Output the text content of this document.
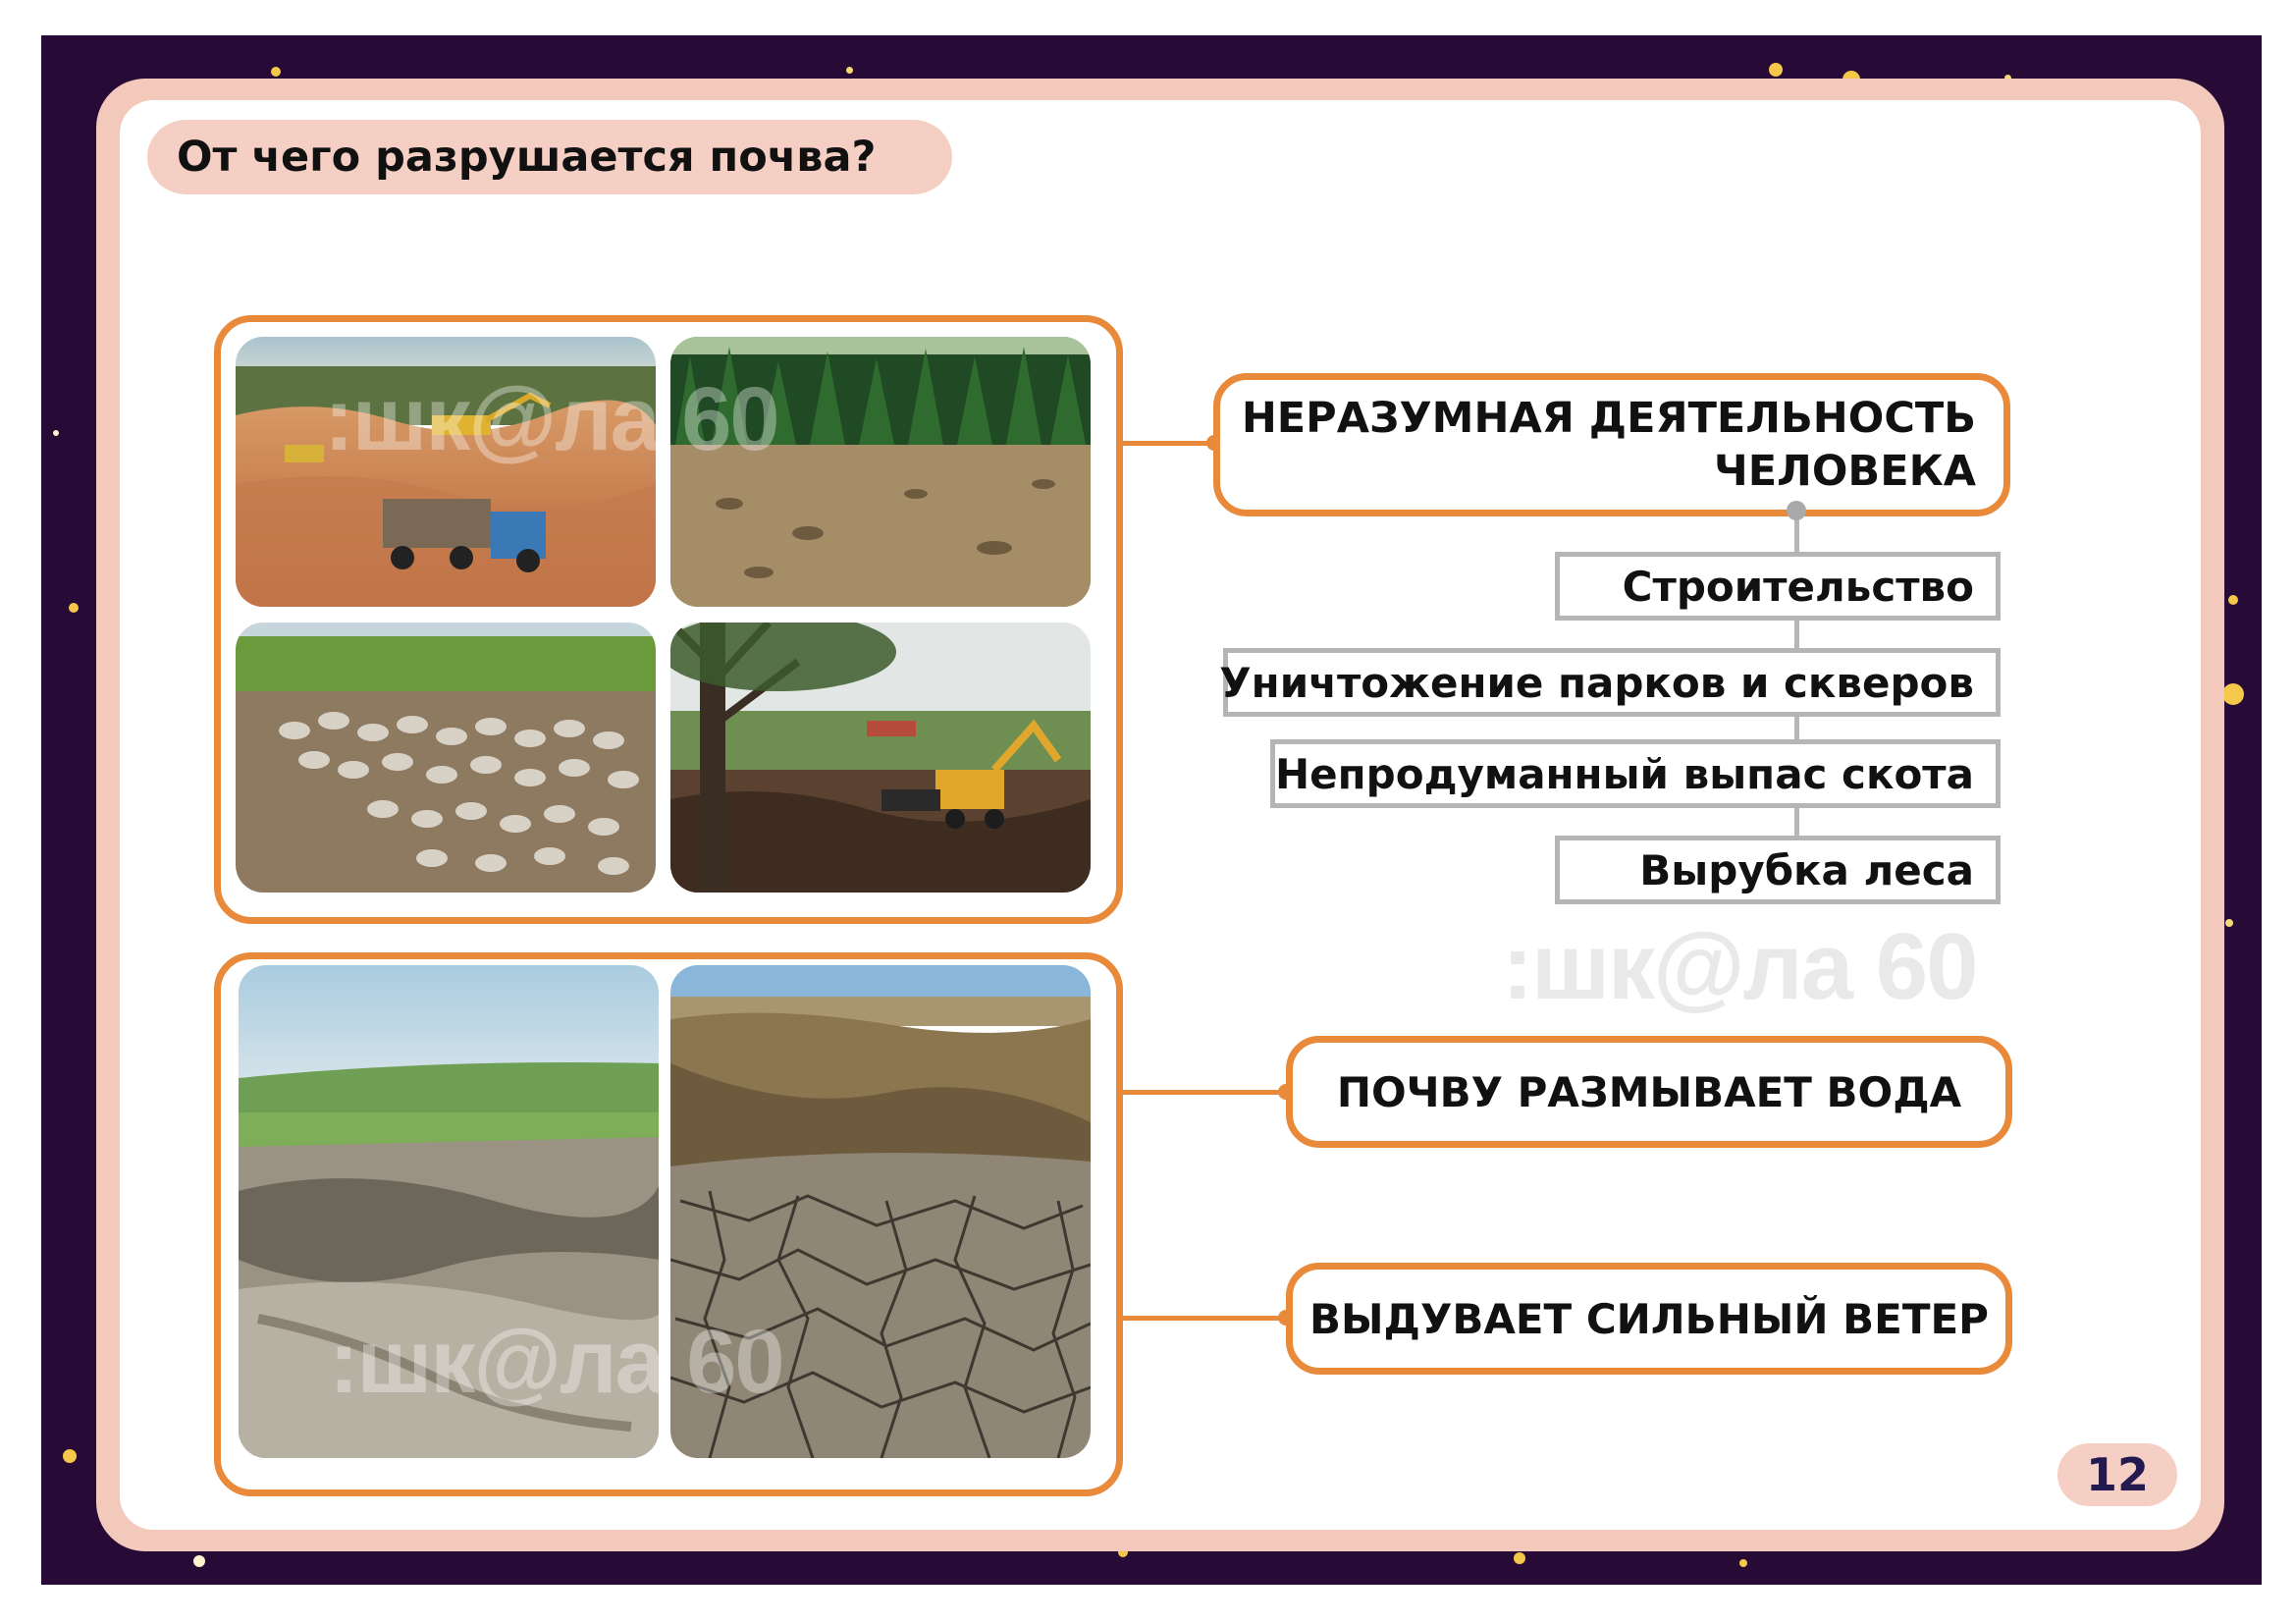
От чего разрушается почва?
:шк@ла 60
:шк@ла 60
НЕРАЗУМНАЯ ДЕЯТЕЛЬНОСТЬ
ЧЕЛОВЕКА
Строительство
Уничтожение парков и скверов
Непродуманный выпас скота
Вырубка леса
:шк@ла 60
ПОЧВУ РАЗМЫВАЕТ ВОДА
ВЫДУВАЕТ СИЛЬНЫЙ ВЕТЕР
12
